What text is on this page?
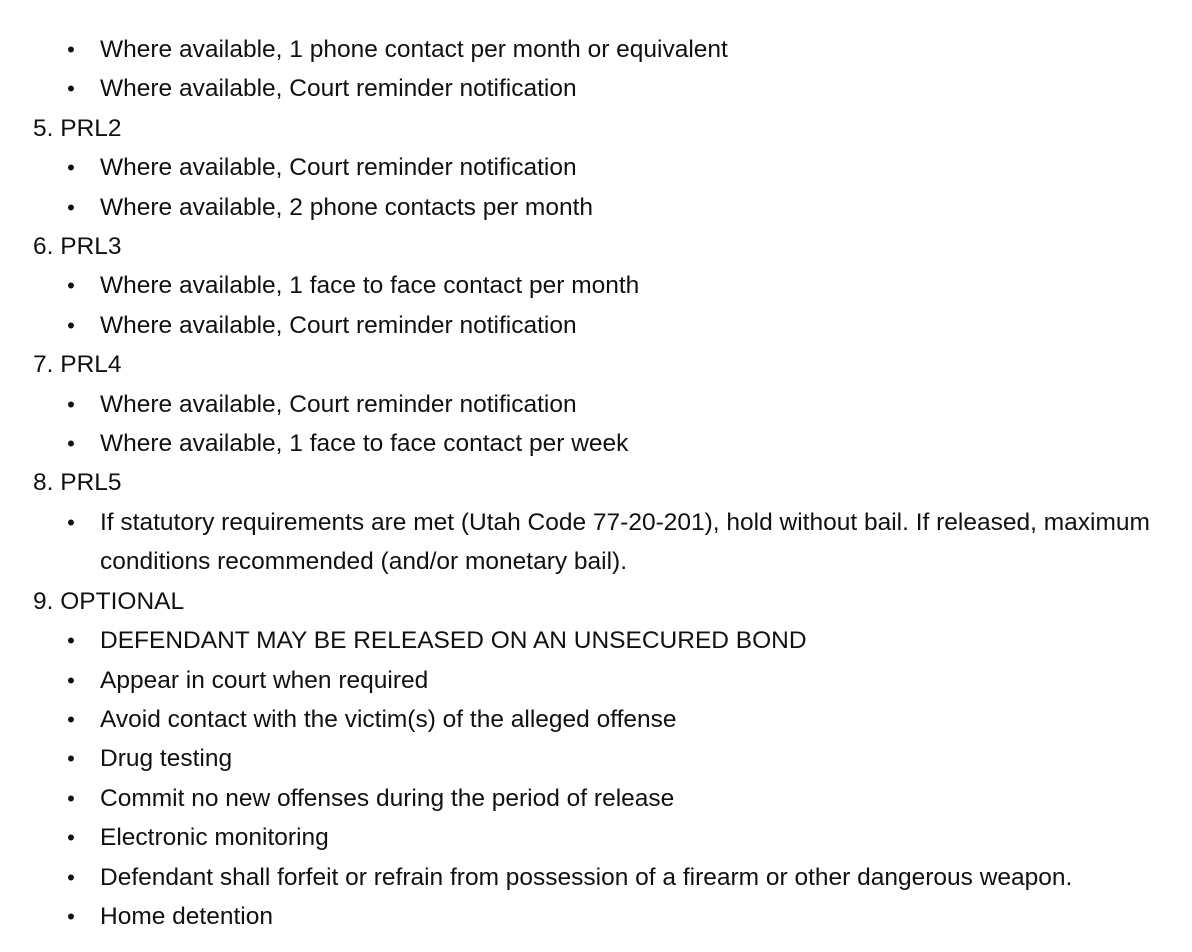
• Where available, 1 phone contact per month or equivalent
• Where available, Court reminder notification
5. PRL2
• Where available, Court reminder notification
• Where available, 2 phone contacts per month
6. PRL3
• Where available, 1 face to face contact per month
• Where available, Court reminder notification
7. PRL4
• Where available, Court reminder notification
• Where available, 1 face to face contact per week
8. PRL5
• If statutory requirements are met (Utah Code 77-20-201), hold without bail. If released, maximum conditions recommended (and/or monetary bail).
9. OPTIONAL
• DEFENDANT MAY BE RELEASED ON AN UNSECURED BOND
• Appear in court when required
• Avoid contact with the victim(s) of the alleged offense
• Drug testing
• Commit no new offenses during the period of release
• Electronic monitoring
• Defendant shall forfeit or refrain from possession of a firearm or other dangerous weapon.
• Home detention
